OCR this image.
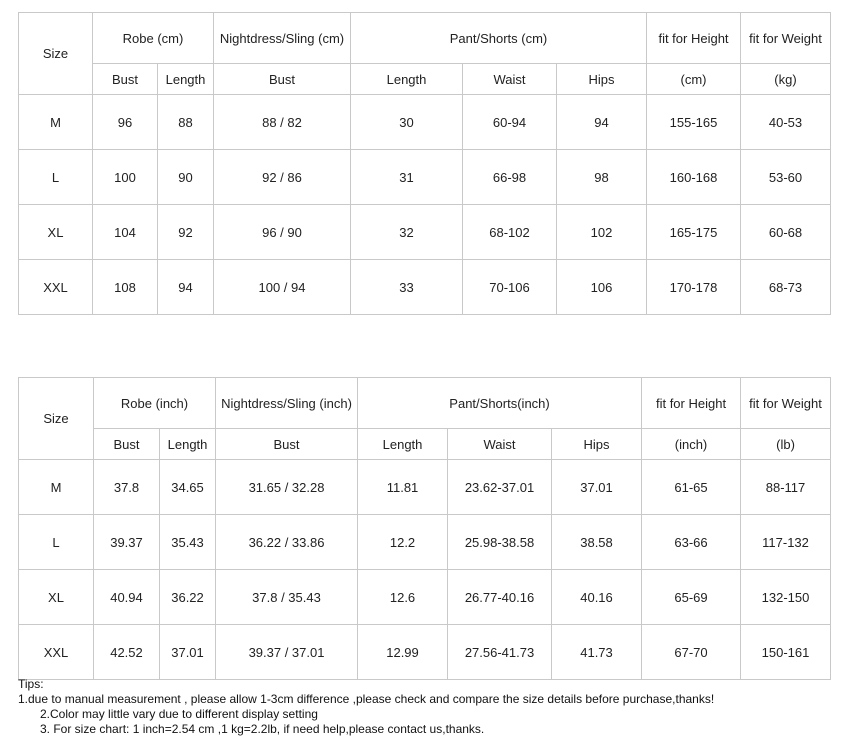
Size	Robe (cm)		Nightdress/Sling (cm)	Pant/Shorts (cm)			fit for Height	fit for Weight
	Bust	Length	Bust	Length	Waist	Hips	(cm)	(kg)
M	96	88	88 / 82	30	60-94	94	155-165	40-53
L	100	90	92 / 86	31	66-98	98	160-168	53-60
XL	104	92	96 / 90	32	68-102	102	165-175	60-68
XXL	108	94	100 / 94	33	70-106	106	170-178	68-73
Size	Robe (inch)		Nightdress/Sling (inch)	Pant/Shorts(inch)			fit for Height	fit for Weight
	Bust	Length	Bust	Length	Waist	Hips	(inch)	(lb)
M	37.8	34.65	31.65 / 32.28	11.81	23.62-37.01	37.01	61-65	88-117
L	39.37	35.43	36.22 / 33.86	12.2	25.98-38.58	38.58	63-66	117-132
XL	40.94	36.22	37.8 / 35.43	12.6	26.77-40.16	40.16	65-69	132-150
XXL	42.52	37.01	39.37 / 37.01	12.99	27.56-41.73	41.73	67-70	150-161
Tips:
1.due to manual measurement , please allow 1-3cm difference ,please check and compare the size details before purchase,thanks!
2.Color may little vary due to different display setting
3. For size chart: 1 inch=2.54 cm ,1 kg=2.2lb, if need help,please contact us,thanks.
